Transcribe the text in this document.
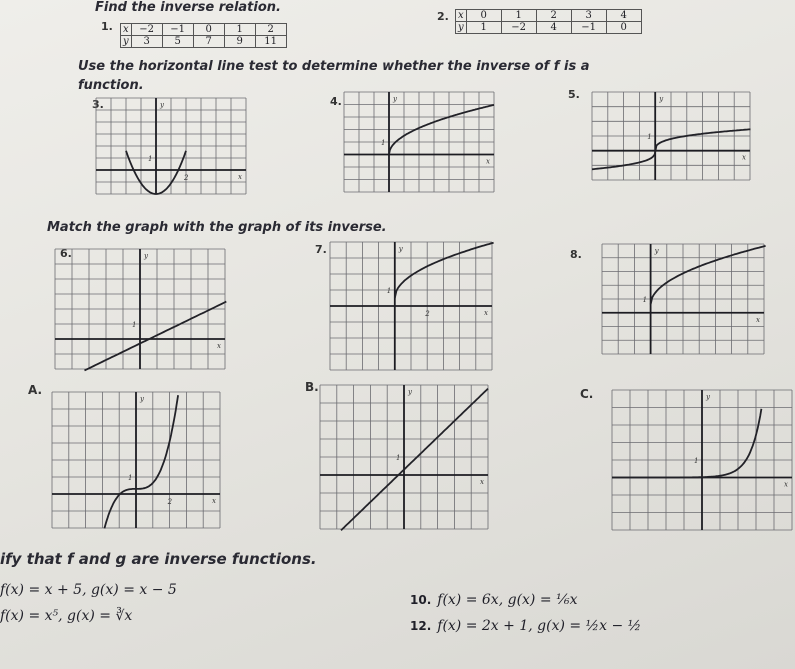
Find the inverse relation.
1. x	−2	−1	0	1	2
y	3	5	7	9	11
2. x	0	1	2	3	4
y	1	−2	4	−1	0
Use the horizontal line test to determine whether the inverse of f is a function.
3.	4.
5.
Match the graph with the graph of its inverse.
6.	7.	8.
A.	B.	C.
y
1
2	x
y
1
x
y
1
x
y
1
x
y
2
1
x
y
1
x
y
1
2	x
y
1
x
y
1
x
ify that f and g are inverse functions.
f(x) = x + 5, g(x) = x − 5
f(x) = x⁵, g(x) = ∛x
10. f(x) = 6x, g(x) = ⅙x
12. f(x) = 2x + 1, g(x) = ½x − ½
